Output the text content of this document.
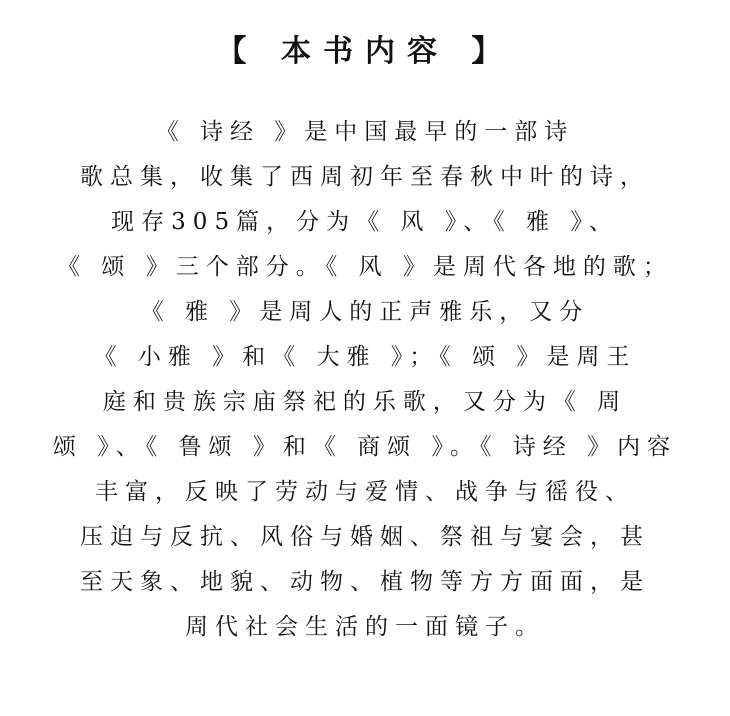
【 本书内容 】
《 诗经 》是中国最早的一部诗
歌总集，收集了西周初年至春秋中叶的诗，
现存305篇，分为《 风 》、《 雅 》、
《 颂 》三个部分。《 风 》是周代各地的歌；
《 雅 》是周人的正声雅乐，又分
《 小雅 》和《 大雅 》；《 颂 》是周王
庭和贵族宗庙祭祀的乐歌，又分为《 周
颂 》、《 鲁颂 》和《 商颂 》。《 诗经 》内容
丰富，反映了劳动与爱情、战争与徭役、
压迫与反抗、风俗与婚姻、祭祖与宴会，甚
至天象、地貌、动物、植物等方方面面，是
周代社会生活的一面镜子。
